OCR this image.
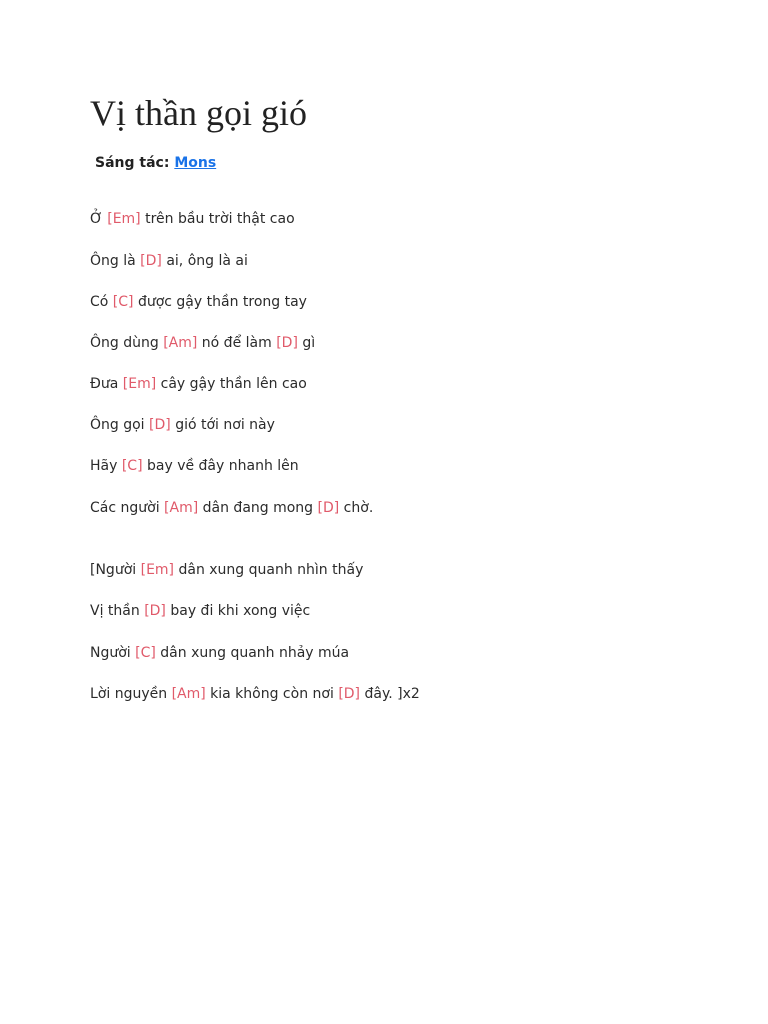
Vị thần gọi gió
Sáng tác: Mons
Ở [Em] trên bầu trời thật cao
Ông là [D] ai, ông là ai
Có [C] được gậy thần trong tay
Ông dùng [Am] nó để làm [D] gì
Đưa [Em] cây gậy thần lên cao
Ông gọi [D] gió tới nơi này
Hãy [C] bay về đây nhanh lên
Các người [Am] dân đang mong [D] chờ.
[Người [Em] dân xung quanh nhìn thấy
Vị thần [D] bay đi khi xong việc
Người [C] dân xung quanh nhảy múa
Lời nguyền [Am] kia không còn nơi [D] đây. ]x2
